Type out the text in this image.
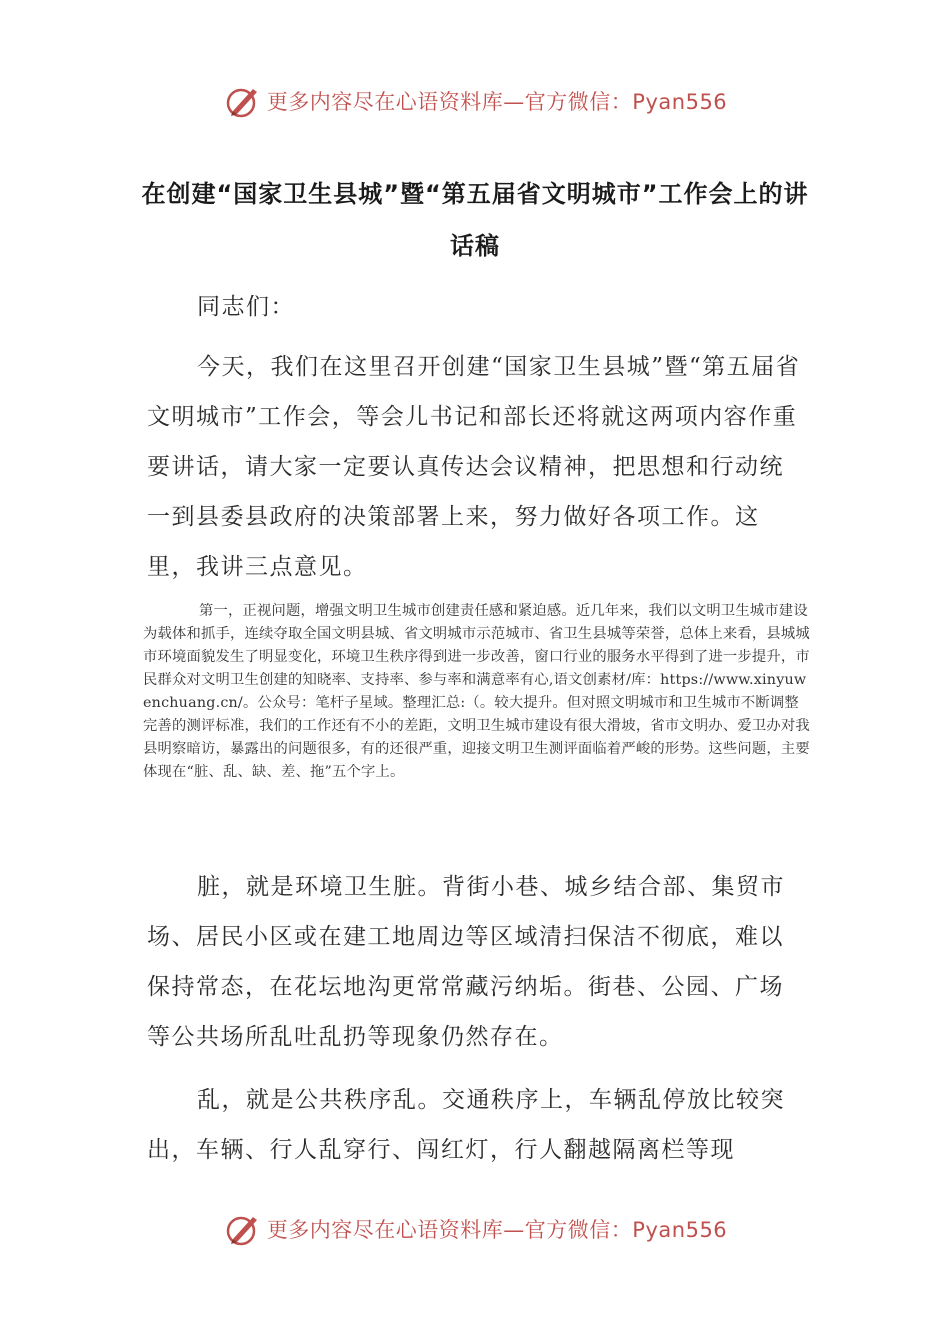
更多内容尽在心语资料库—官方微信：Pyan556
在创建“国家卫生县城”暨“第五届省文明城市”工作会上的讲话稿

同志们：

今天，我们在这里召开创建“国家卫生县城”暨“第五届省文明城市”工作会，等会儿书记和部长还将就这两项内容作重要讲话，请大家一定要认真传达会议精神，把思想和行动统一到县委县政府的决策部署上来，努力做好各项工作。这里，我讲三点意见。

第一，正视问题，增强文明卫生城市创建责任感和紧迫感。近几年来，我们以文明卫生城市建设为载体和抓手，连续夺取全国文明县城、省文明城市示范城市、省卫生县城等荣誉，总体上来看，县城城市环境面貌发生了明显变化，环境卫生秩序得到进一步改善，窗口行业的服务水平得到了进一步提升，市民群众对文明卫生创建的知晓率、支持率、参与率和满意率有心,语文创素材/库：https://www.xinyuwenchuang.cn/。公众号：笔杆子星域。整理汇总:（。较大提升。但对照文明城市和卫生城市不断调整完善的测评标准，我们的工作还有不小的差距，文明卫生城市建设有很大滑坡，省市文明办、爱卫办对我县明察暗访，暴露出的问题很多，有的还很严重，迎接文明卫生测评面临着严峻的形势。这些问题，主要体现在“脏、乱、缺、差、拖”五个字上。

脏，就是环境卫生脏。背街小巷、城乡结合部、集贸市场、居民小区或在建工地周边等区域清扫保洁不彻底，难以保持常态，在花坛地沟更常常藏污纳垢。街巷、公园、广场等公共场所乱吐乱扔等现象仍然存在。

乱，就是公共秩序乱。交通秩序上，车辆乱停放比较突出，车辆、行人乱穿行、闯红灯，行人翻越隔离栏等现

更多内容尽在心语资料库—官方微信：Pyan556
